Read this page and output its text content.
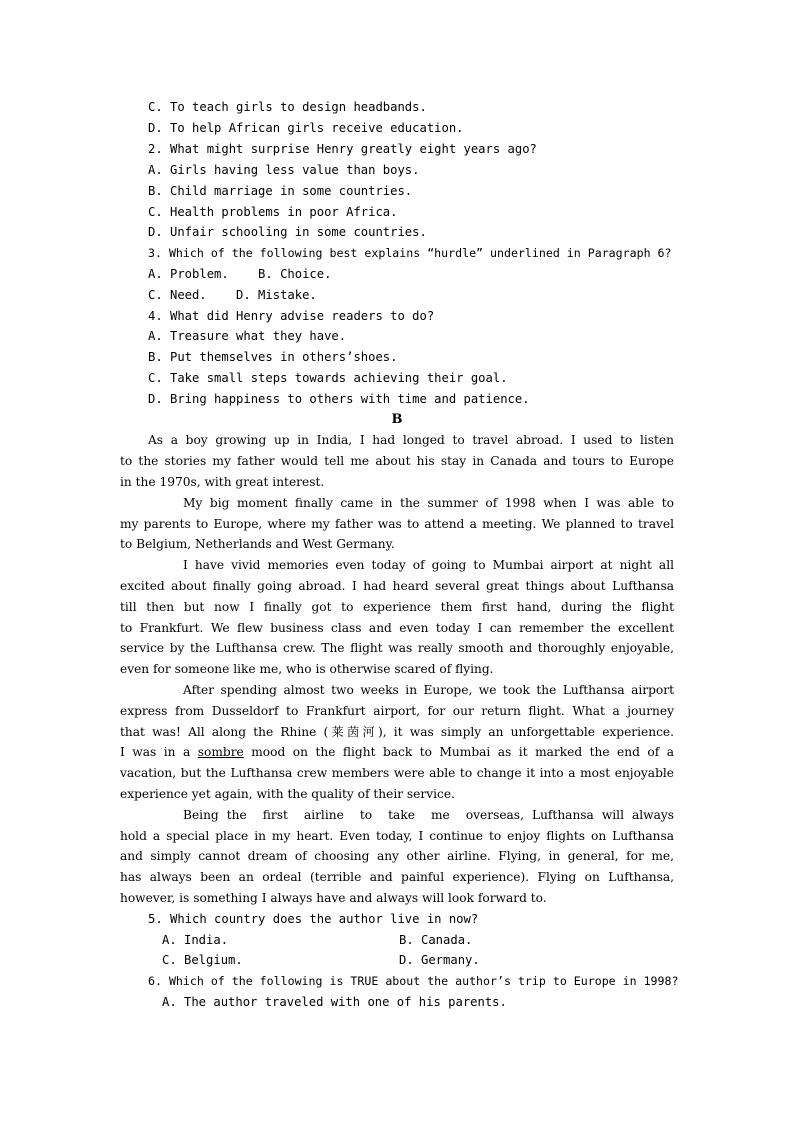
C. To teach girls to design headbands.
D. To help African girls receive education.
2. What might surprise Henry greatly eight years ago?
A. Girls having less value than boys.
B. Child marriage in some countries.
C. Health problems in poor Africa.
D. Unfair schooling in some countries.
3. Which of the following best explains “hurdle” underlined in Paragraph 6?
A. Problem.    B. Choice.
C. Need.    D. Mistake.
4. What did Henry advise readers to do?
A. Treasure what they have.
B. Put themselves in others’shoes.
C. Take small steps towards achieving their goal.
D. Bring happiness to others with time and patience.
B
As a boy growing up in India, I had longed to travel abroad. I used to listen
to the stories my father would tell me about his stay in Canada and tours to Europe
in the 1970s, with great interest.
My big moment finally came in the summer of 1998 when I was able to
my parents to Europe, where my father was to attend a meeting. We planned to travel
to Belgium, Netherlands and West Germany.
I have vivid memories even today of going to Mumbai airport at night all
excited about finally going abroad. I had heard several great things about Lufthansa
till then but now I finally got to experience them first hand, during the flight
to Frankfurt. We flew business class and even today I can remember the excellent
service by the Lufthansa crew. The flight was really smooth and thoroughly enjoyable,
even for someone like me, who is otherwise scared of flying.
After spending almost two weeks in Europe, we took the Lufthansa airport
express from Dusseldorf to Frankfurt airport, for our return flight. What a journey
that was! All along the Rhine (莱茵河), it was simply an unforgettable experience.
I was in a sombre mood on the flight back to Mumbai as it marked the end of a
vacation, but the Lufthansa crew members were able to change it into a most enjoyable
experience yet again, with the quality of their service.
Being the  first  airline  to  take  me  overseas, Lufthansa will always
hold a special place in my heart. Even today, I continue to enjoy flights on Lufthansa
and simply cannot dream of choosing any other airline. Flying, in general, for me,
has always been an ordeal (terrible and painful experience). Flying on Lufthansa,
however, is something I always have and always will look forward to.
5. Which country does the author live in now?
A. India.	B. Canada.
C. Belgium.	D. Germany.
6. Which of the following is TRUE about the author’s trip to Europe in 1998?
A. The author traveled with one of his parents.
